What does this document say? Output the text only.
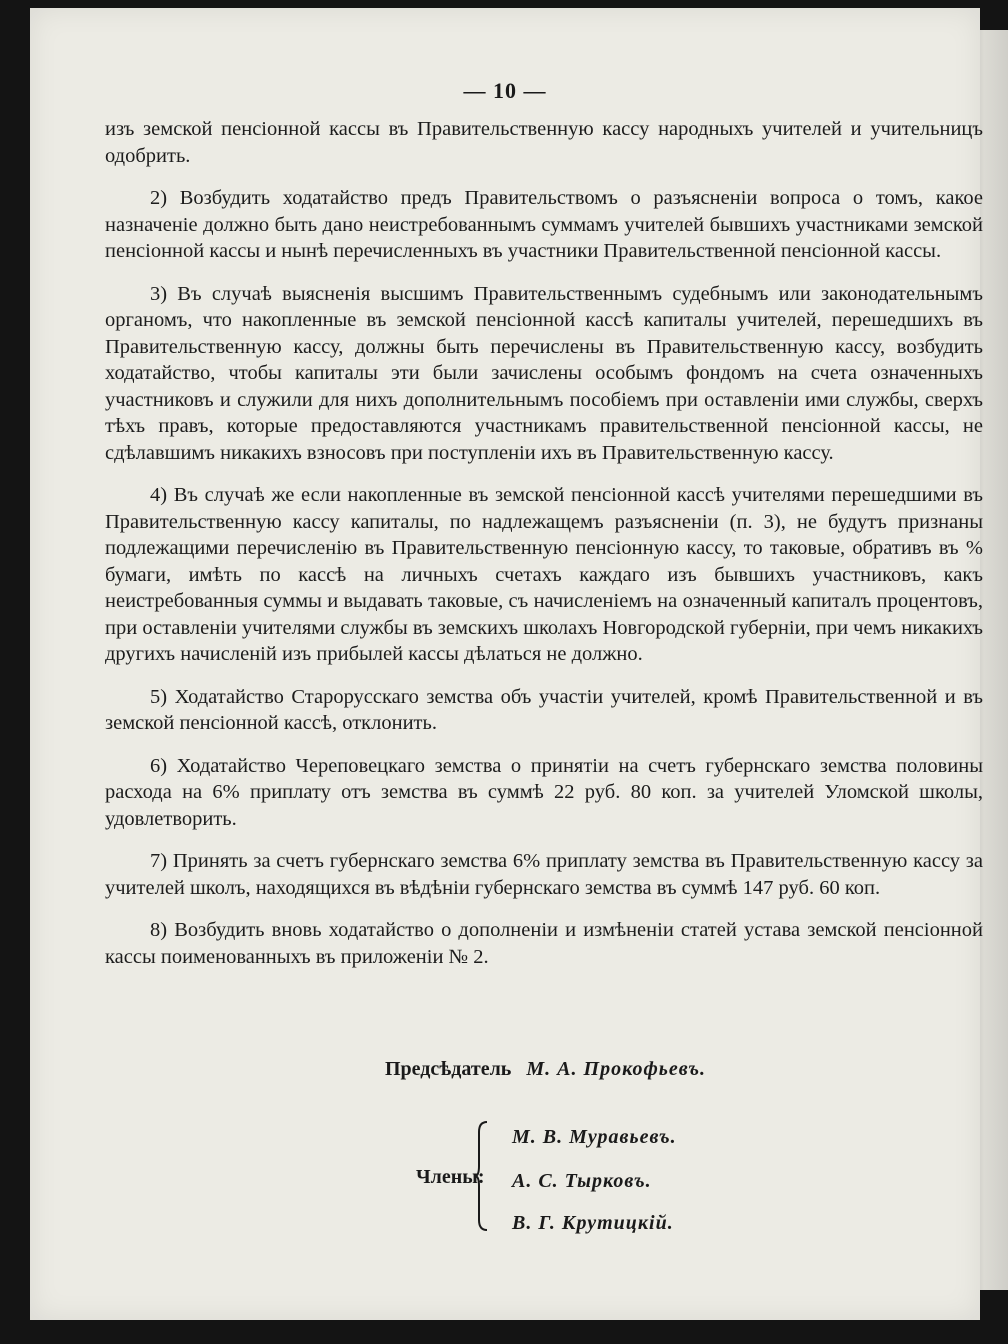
— 10 —

изъ земской пенсіонной кассы въ Правительственную кассу народныхъ учителей и учительницъ одобрить.

2) Возбудить ходатайство предъ Правительствомъ о разъясненіи вопроса о томъ, какое назначеніе должно быть дано неистребованнымъ суммамъ учителей бывшихъ участниками земской пенсіонной кассы и нынѣ перечисленныхъ въ участники Правительственной пенсіонной кассы.

3) Въ случаѣ выясненія высшимъ Правительственнымъ судебнымъ или законодательнымъ органомъ, что накопленные въ земской пенсіонной кассѣ капиталы учителей, перешедшихъ въ Правительственную кассу, должны быть перечислены въ Правительственную кассу, возбудить ходатайство, чтобы капиталы эти были зачислены особымъ фондомъ на счета означенныхъ участниковъ и служили для нихъ дополнительнымъ пособіемъ при оставленіи ими службы, сверхъ тѣхъ правъ, которые предоставляются участникамъ правительственной пенсіонной кассы, не сдѣлавшимъ никакихъ взносовъ при поступленіи ихъ въ Правительственную кассу.

4) Въ случаѣ же если накопленные въ земской пенсіонной кассѣ учителями перешедшими въ Правительственную кассу капиталы, по надлежащемъ разъясненіи (п. 3), не будутъ признаны подлежащими перечисленію въ Правительственную пенсіонную кассу, то таковые, обративъ въ % бумаги, имѣть по кассѣ на личныхъ счетахъ каждаго изъ бывшихъ участниковъ, какъ неистребованныя суммы и выдавать таковые, съ начисленіемъ на означенный капиталъ процентовъ, при оставленіи учителями службы въ земскихъ школахъ Новгородской губерніи, при чемъ никакихъ другихъ начисленій изъ прибылей кассы дѣлаться не должно.

5) Ходатайство Старорусскаго земства объ участіи учителей, кромѣ Правительственной и въ земской пенсіонной кассѣ, отклонить.

6) Ходатайство Череповецкаго земства о принятіи на счетъ губернскаго земства половины расхода на 6% приплату отъ земства въ суммѣ 22 руб. 80 коп. за учителей Уломской школы, удовлетворить.

7) Принять за счетъ губернскаго земства 6% приплату земства въ Правительственную кассу за учителей школъ, находящихся въ вѣдѣніи губернскаго земства въ суммѣ 147 руб. 60 коп.

8) Возбудить вновь ходатайство о дополненіи и измѣненіи статей устава земской пенсіонной кассы поименованныхъ въ приложеніи № 2.

Предсѣдатель М. А. Прокофьевъ.
Члены:
М. В. Муравьевъ.
А. С. Тырковъ.
В. Г. Крутицкій.
